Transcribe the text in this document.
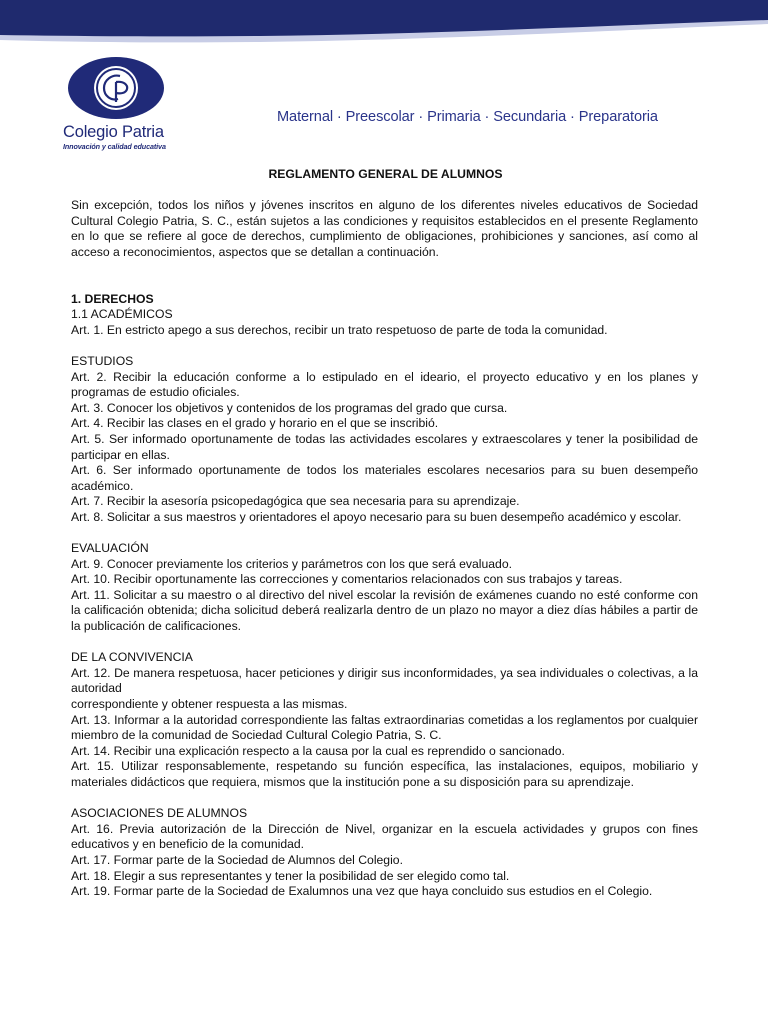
Colegio Patria
Innovación y calidad educativa
Maternal · Preescolar · Primaria · Secundaria · Preparatoria
REGLAMENTO GENERAL DE ALUMNOS

Sin excepción, todos los niños y jóvenes inscritos en alguno de los diferentes niveles educativos de Sociedad Cultural Colegio Patria, S. C., están sujetos a las condiciones y requisitos establecidos en el presente Reglamento en lo que se refiere al goce de derechos, cumplimiento de obligaciones, prohibiciones y sanciones, así como al acceso a reconocimientos, aspectos que se detallan a continuación.

1. DERECHOS
1.1 ACADÉMICOS

Art. 1. En estricto apego a sus derechos, recibir un trato respetuoso de parte de toda la comunidad.

ESTUDIOS

Art. 2. Recibir la educación conforme a lo estipulado en el ideario, el proyecto educativo y en los planes y programas de estudio oficiales.

Art. 3. Conocer los objetivos y contenidos de los programas del grado que cursa.

Art. 4. Recibir las clases en el grado y horario en el que se inscribió.

Art. 5. Ser informado oportunamente de todas las actividades escolares y extraescolares y tener la posibilidad de participar en ellas.

Art. 6. Ser informado oportunamente de todos los materiales escolares necesarios para su buen desempeño académico.

Art. 7. Recibir la asesoría psicopedagógica que sea necesaria para su aprendizaje.

Art. 8. Solicitar a sus maestros y orientadores el apoyo necesario para su buen desempeño académico y escolar.

EVALUACIÓN

Art. 9. Conocer previamente los criterios y parámetros con los que será evaluado.

Art. 10. Recibir oportunamente las correcciones y comentarios relacionados con sus trabajos y tareas.

Art. 11. Solicitar a su maestro o al directivo del nivel escolar la revisión de exámenes cuando no esté conforme con la calificación obtenida; dicha solicitud deberá realizarla dentro de un plazo no mayor a diez días hábiles a partir de la publicación de calificaciones.

DE LA CONVIVENCIA

Art. 12. De manera respetuosa, hacer peticiones y dirigir sus inconformidades, ya sea individuales o colectivas, a la autoridad

correspondiente y obtener respuesta a las mismas.

Art. 13. Informar a la autoridad correspondiente las faltas extraordinarias cometidas a los reglamentos por cualquier miembro de la comunidad de Sociedad Cultural Colegio Patria, S. C.

Art. 14. Recibir una explicación respecto a la causa por la cual es reprendido o sancionado.

Art. 15. Utilizar responsablemente, respetando su función específica, las instalaciones, equipos, mobiliario y materiales didácticos que requiera, mismos que la institución pone a su disposición para su aprendizaje.

ASOCIACIONES DE ALUMNOS

Art. 16. Previa autorización de la Dirección de Nivel, organizar en la escuela actividades y grupos con fines educativos y en beneficio de la comunidad.

Art. 17. Formar parte de la Sociedad de Alumnos del Colegio.

Art. 18. Elegir a sus representantes y tener la posibilidad de ser elegido como tal.

Art. 19. Formar parte de la Sociedad de Exalumnos una vez que haya concluido sus estudios en el Colegio.
